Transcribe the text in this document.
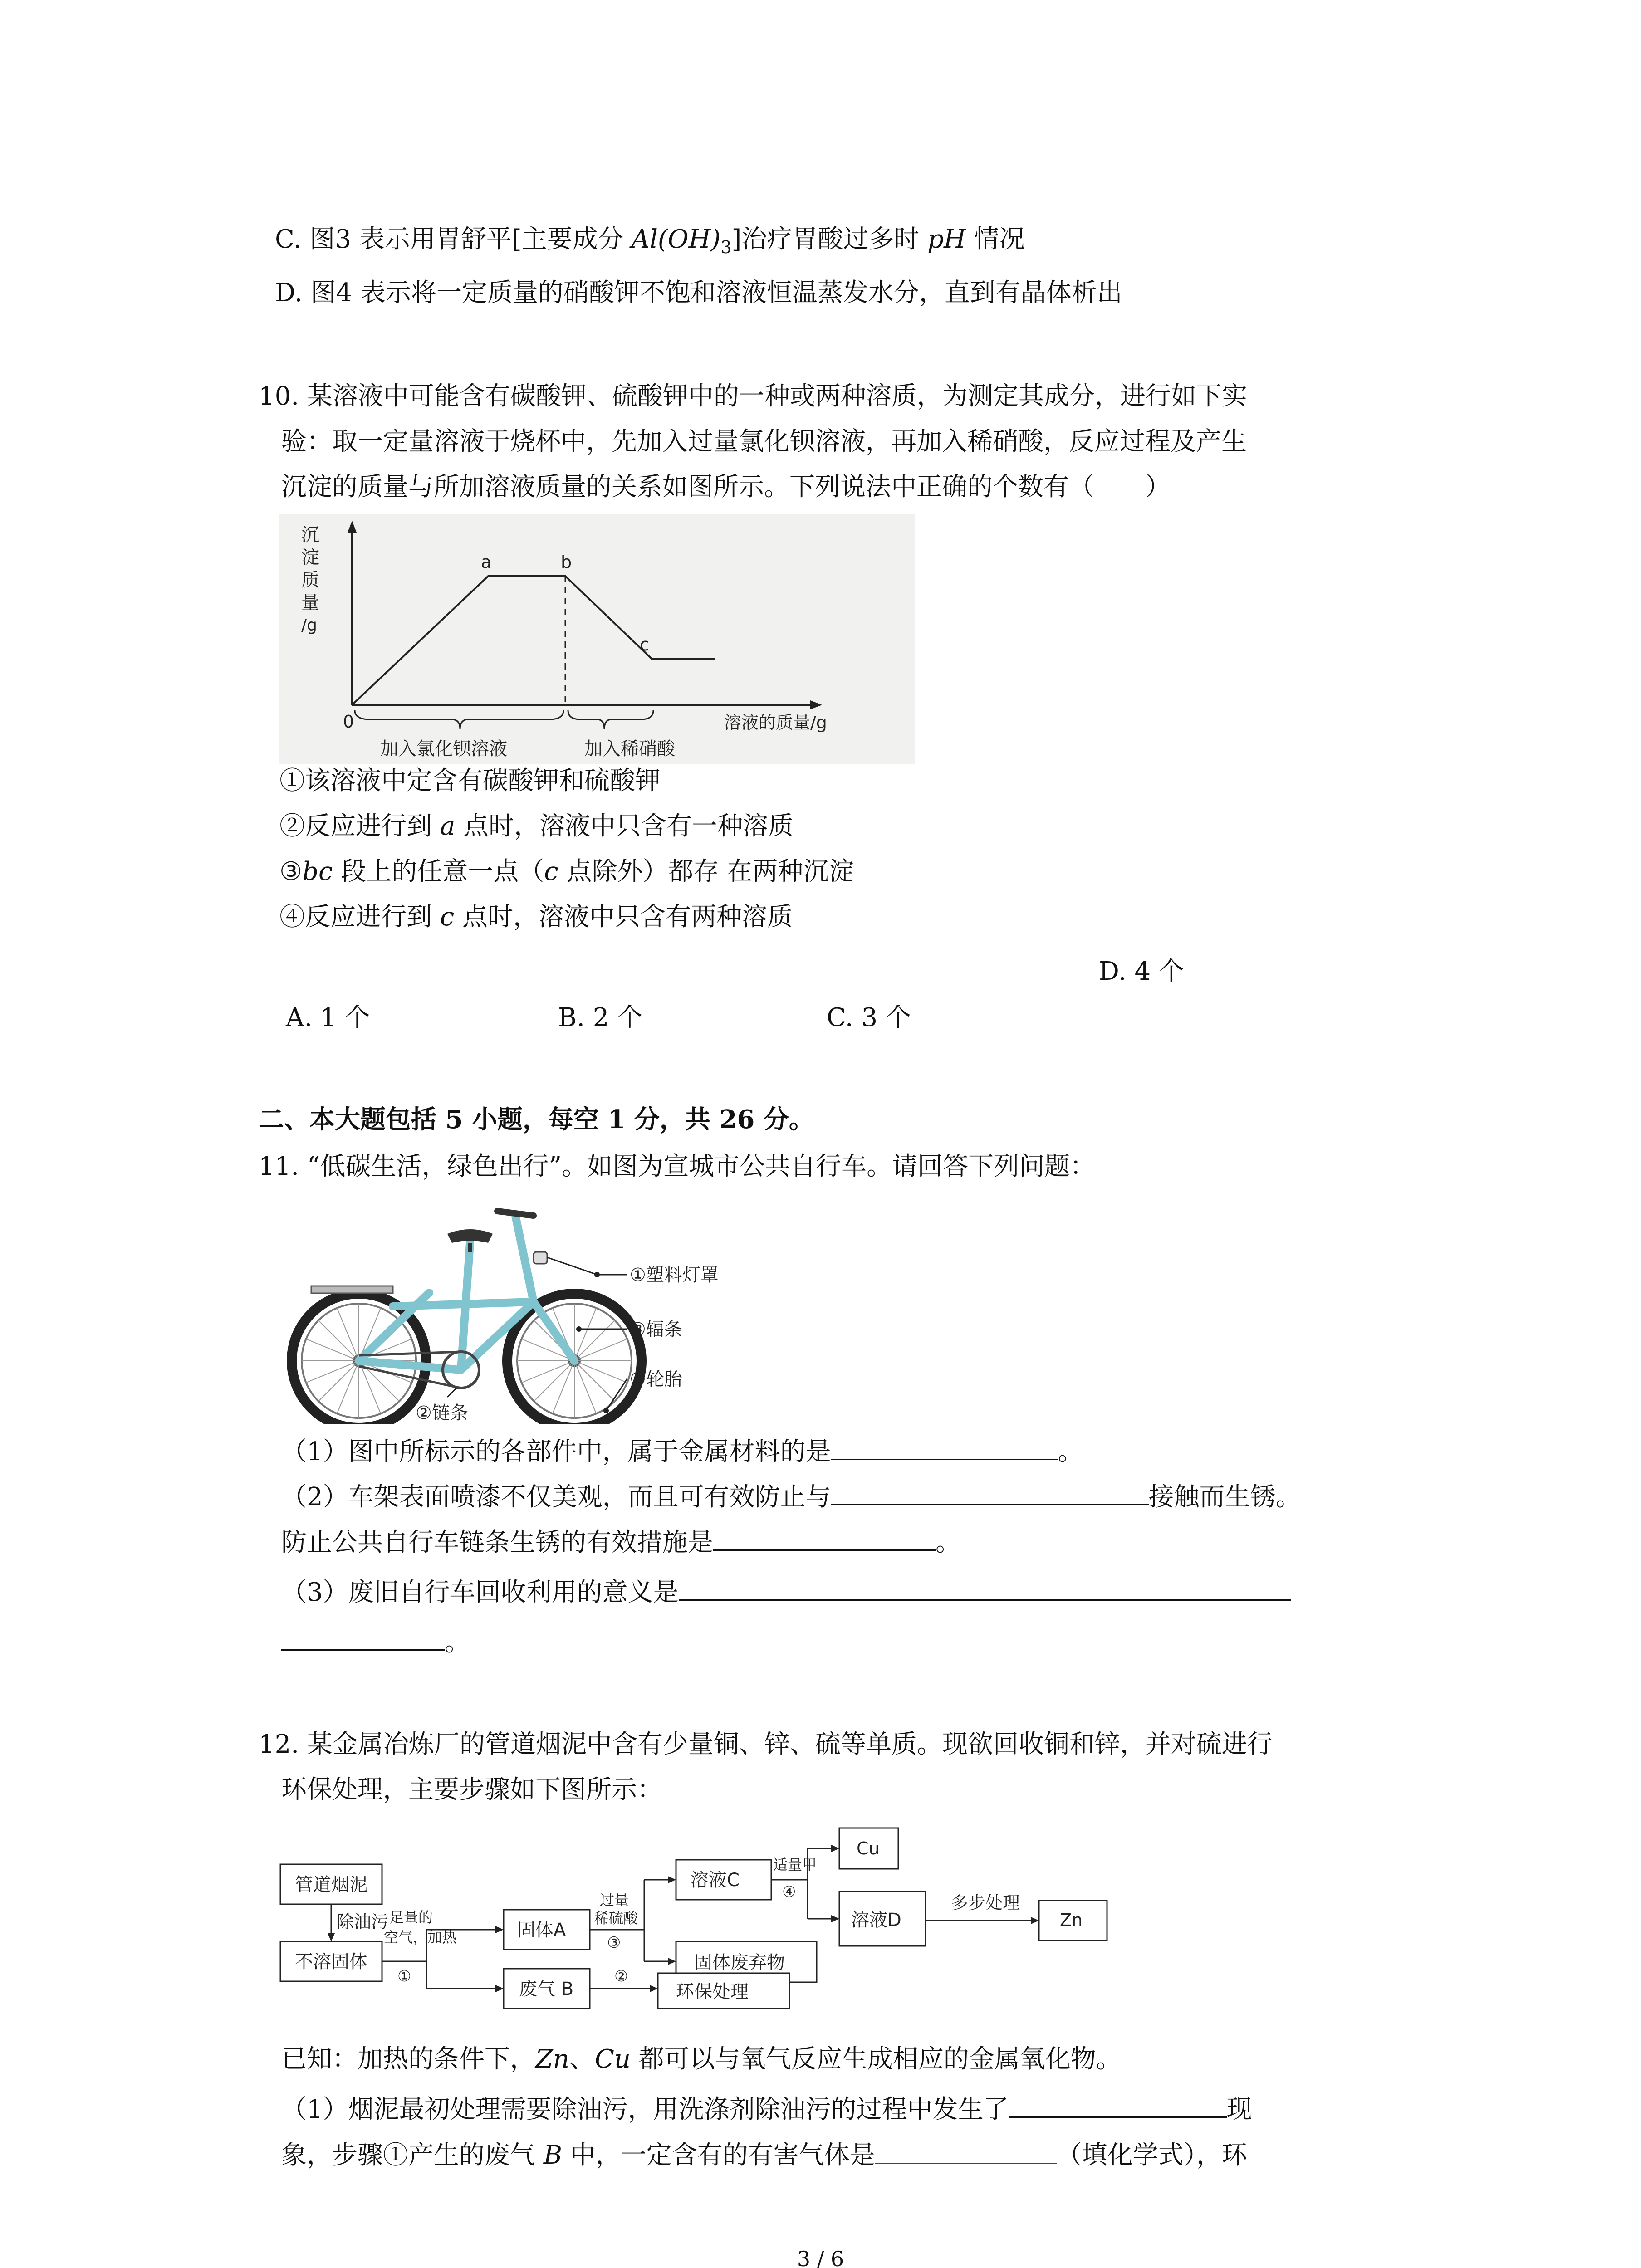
C. 图3 表示用胃舒平[主要成分 $Al(OH)_3$]治疗胃酸过多时 pH 情况
D. 图4 表示将一定质量的硝酸钾不饱和溶液恒温蒸发水分，直到有晶体析出
10. 某溶液中可能含有碳酸钾、硫酸钾中的一种或两种溶质，为测定其成分，进行如下实
验：取一定量溶液于烧杯中，先加入过量氯化钡溶液，再加入稀硝酸，反应过程及产生
沉淀的质量与所加溶液质量的关系如图所示。下列说法中正确的个数有（　　）
沉
淀
质
量
/g
0
a	b
c
加入氯化钡溶液	加入稀硝酸
溶液的质量/g
①该溶液中定含有碳酸钾和硫酸钾
②反应进行到 a 点时，溶液中只含有一种溶质
③bc 段上的任意一点（c 点除外）都存 在两种沉淀
④反应进行到 c 点时，溶液中只含有两种溶质
D. 4 个
A. 1 个	B. 2 个	C. 3 个
二、本大题包括 5 小题，每空 1 分，共 26 分。
11. “低碳生活，绿色出行”。如图为宣城市公共自行车。请回答下列问题：
①塑料灯罩
③辐条
④轮胎
②链条
（1）图中所标示的各部件中，属于金属材料的是	。
（2）车架表面喷漆不仅美观，而且可有效防止与	接触而生锈。
防止公共自行车链条生锈的有效措施是	。
（3）废旧自行车回收利用的意义是
。
12. 某金属冶炼厂的管道烟泥中含有少量铜、锌、硫等单质。现欲回收铜和锌，并对硫进行
环保处理，主要步骤如下图所示：
管道烟泥
除油污
不溶固体
足量的
空气，加热
①
固体A
过量
稀硫酸
③
溶液C
适量甲
④
Cu
溶液D
多步处理
Zn
固体废弃物
废气 B
②
环保处理
已知：加热的条件下，Zn、Cu 都可以与氧气反应生成相应的金属氧化物。
（1）烟泥最初处理需要除油污，用洗涤剂除油污的过程中发生了	现
象，步骤①产生的废气 B 中，一定含有的有害气体是	（填化学式），环
3 / 6
